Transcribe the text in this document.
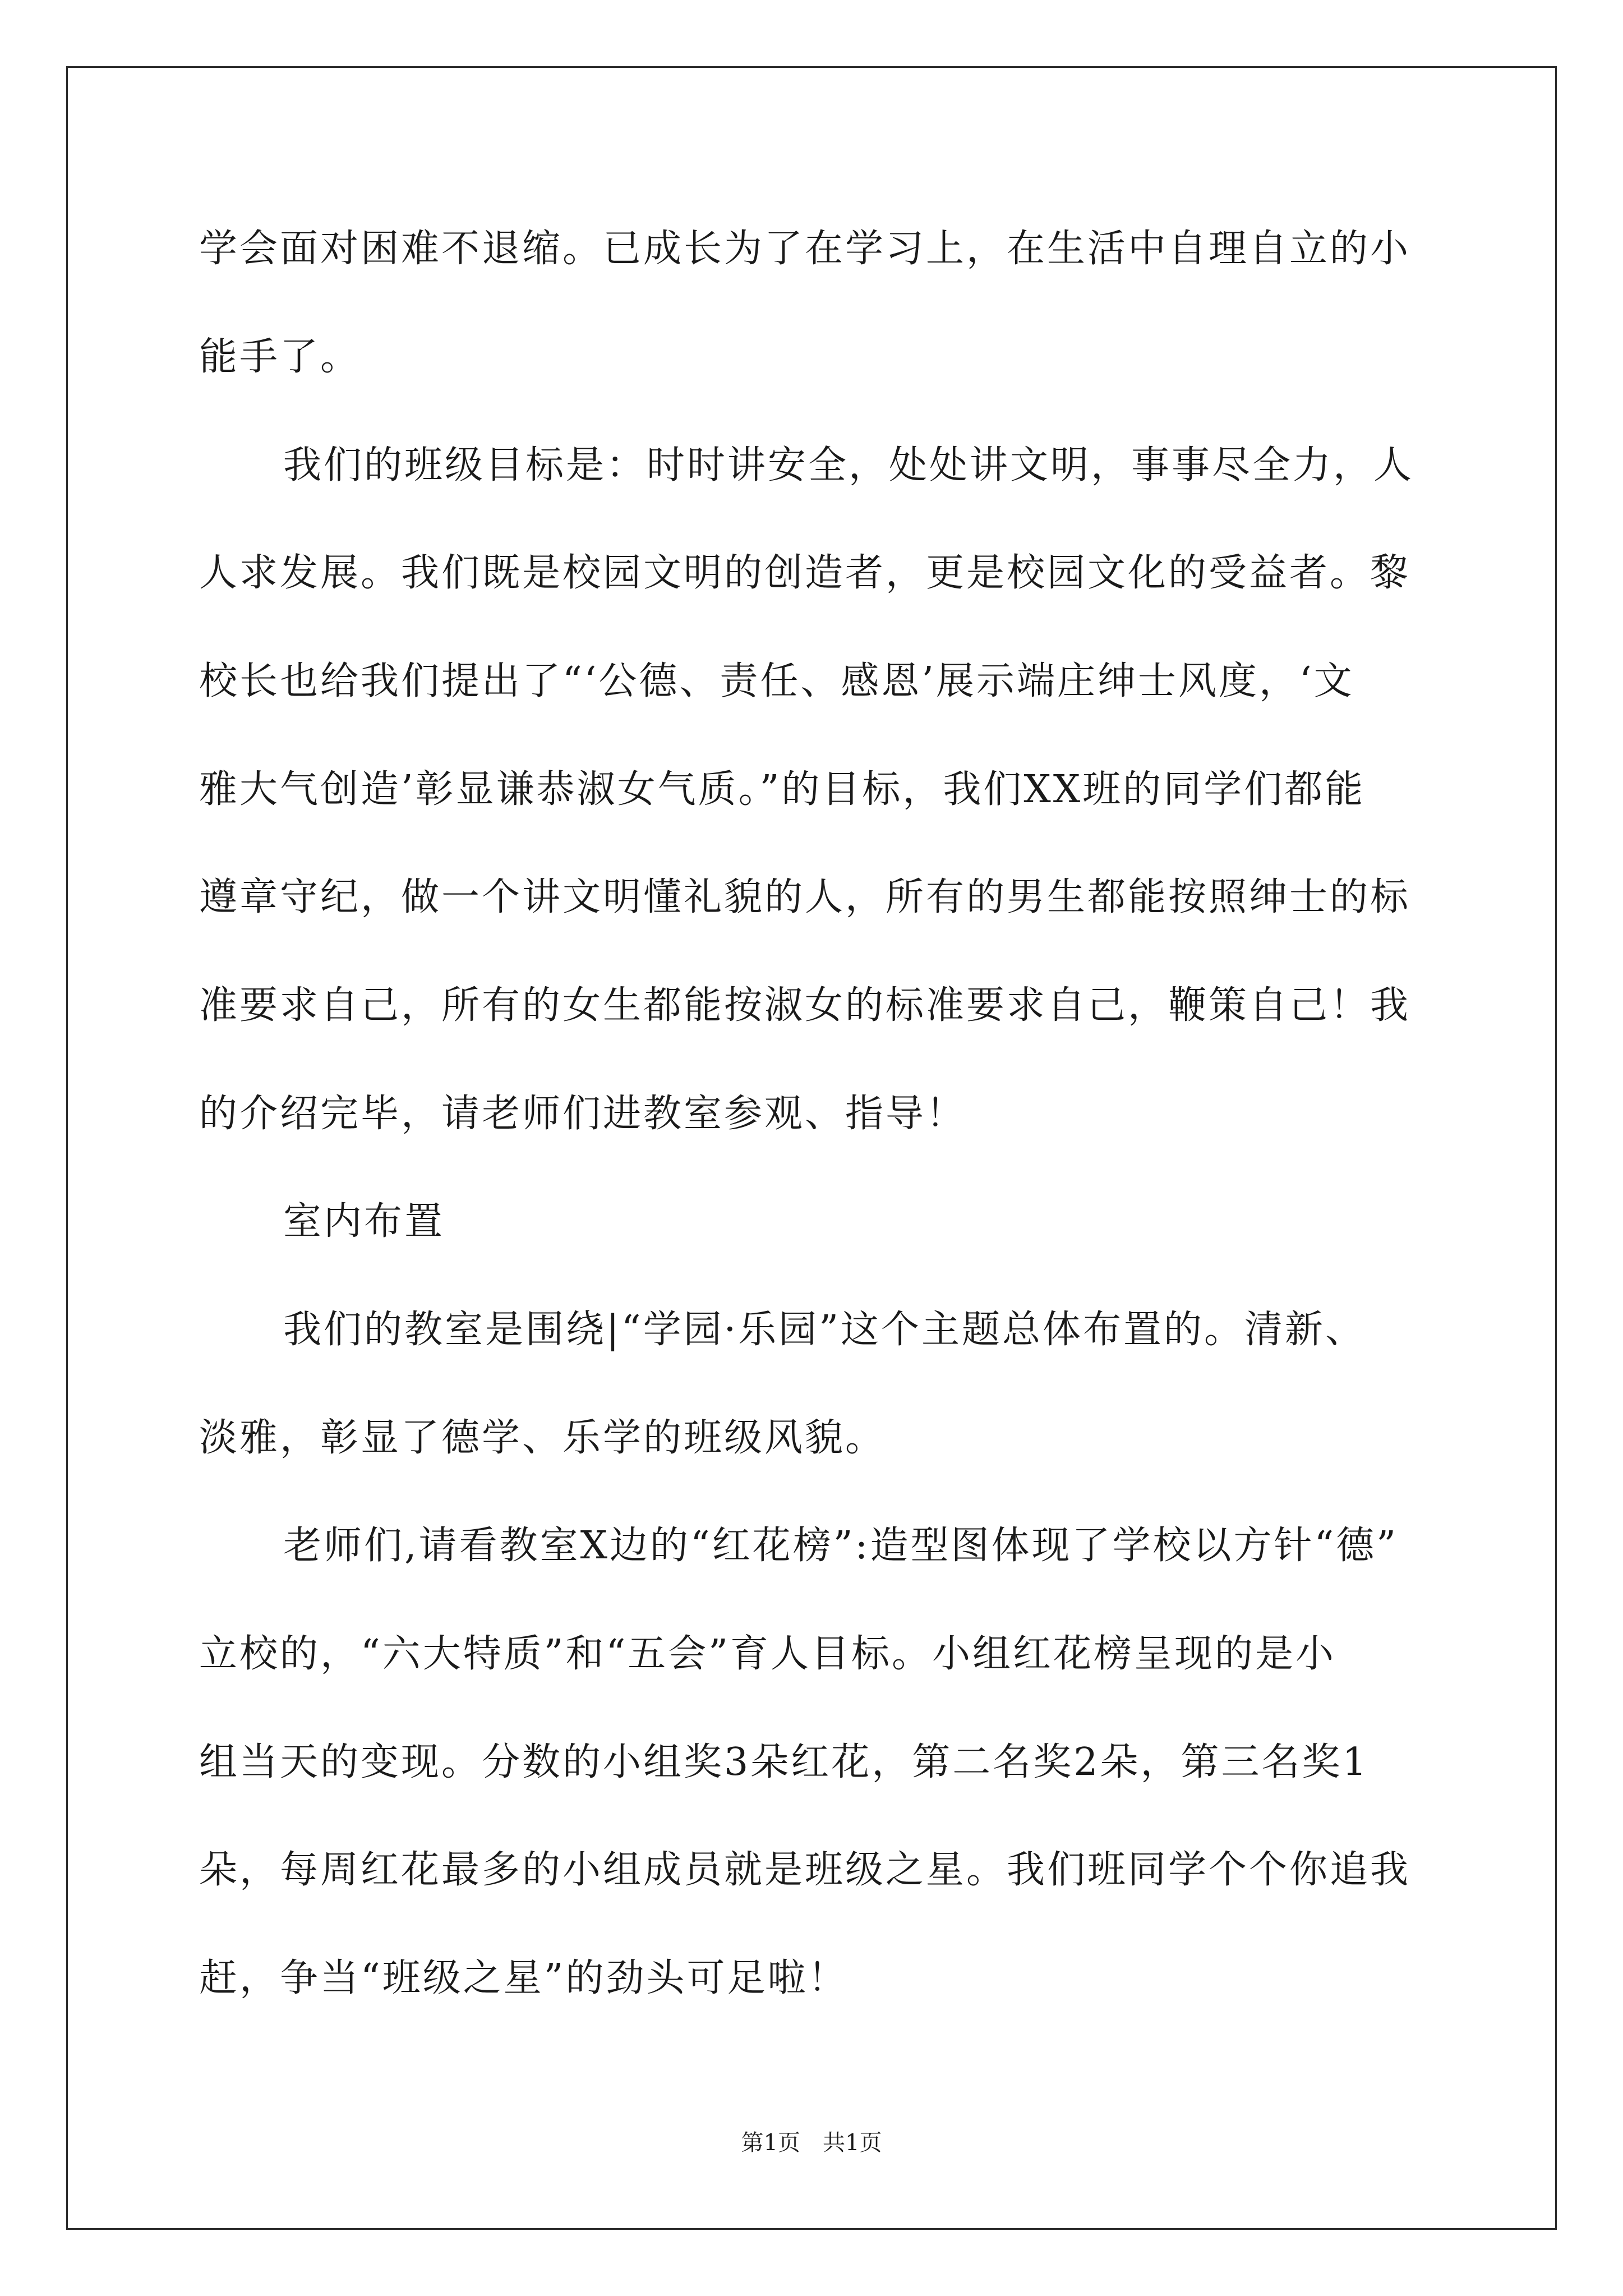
学会面对困难不退缩。已成长为了在学习上，在生活中自理自立的小
能手了。
我们的班级目标是：时时讲安全，处处讲文明，事事尽全力，人
人求发展。我们既是校园文明的创造者，更是校园文化的受益者。黎
校长也给我们提出了“‘公德、责任、感恩’展示端庄绅士风度，‘文
雅大气创造’彰显谦恭淑女气质。”的目标，我们XX班的同学们都能
遵章守纪，做一个讲文明懂礼貌的人，所有的男生都能按照绅士的标
准要求自己，所有的女生都能按淑女的标准要求自己，鞭策自己！我
的介绍完毕，请老师们进教室参观、指导！
室内布置
我们的教室是围绕|“学园·乐园”这个主题总体布置的。清新、
淡雅，彰显了德学、乐学的班级风貌。
老师们,请看教室X边的“红花榜”:造型图体现了学校以方针“德”
立校的，“六大特质”和“五会”育人目标。小组红花榜呈现的是小
组当天的变现。分数的小组奖3朵红花，第二名奖2朵，第三名奖1
朵，每周红花最多的小组成员就是班级之星。我们班同学个个你追我
赶，争当“班级之星”的劲头可足啦！
第1页　共1页
